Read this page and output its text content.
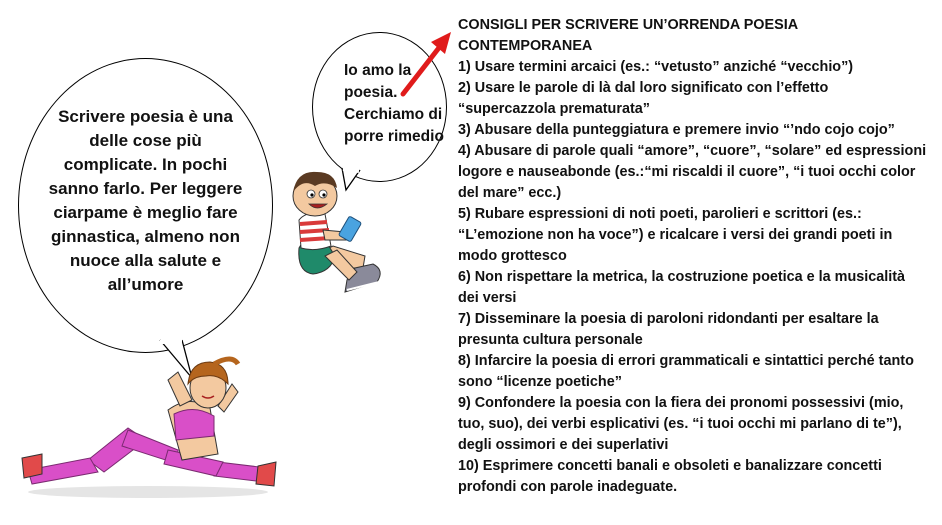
Scrivere poesia è una delle cose più complicate. In pochi sanno farlo. Per leggere ciarpame è meglio fare ginnastica, almeno non nuoce alla salute e all’umore
Io amo la poesia. Cerchiamo di porre rimedio
CONSIGLI PER SCRIVERE UN’ORRENDA POESIA CONTEMPORANEA
1) Usare termini arcaici (es.: “vetusto” anziché “vecchio”)
2) Usare le parole di là dal loro significato con l’effetto “supercazzola prematurata”
3) Abusare della punteggiatura e premere invio “’ndo cojo cojo”
4) Abusare di parole quali “amore”, “cuore”, “solare” ed espressioni logore e nauseabonde (es.:“mi riscaldi il cuore”, “i tuoi occhi color del mare” ecc.)
5) Rubare espressioni di noti poeti, parolieri e scrittori (es.: “L’emozione non ha voce”) e ricalcare i versi dei grandi poeti in modo grottesco
6) Non rispettare la metrica, la costruzione poetica e la musicalità dei versi
7) Disseminare la poesia di paroloni ridondanti per esaltare la presunta cultura personale
8) Infarcire la poesia di errori grammaticali e sintattici perché tanto sono “licenze poetiche”
9) Confondere la poesia con la fiera dei pronomi possessivi (mio, tuo, suo), dei verbi esplicativi (es. “i tuoi occhi mi parlano di te”), degli ossimori e dei superlativi
10) Esprimere concetti banali e obsoleti e banalizzare concetti profondi con parole inadeguate.
